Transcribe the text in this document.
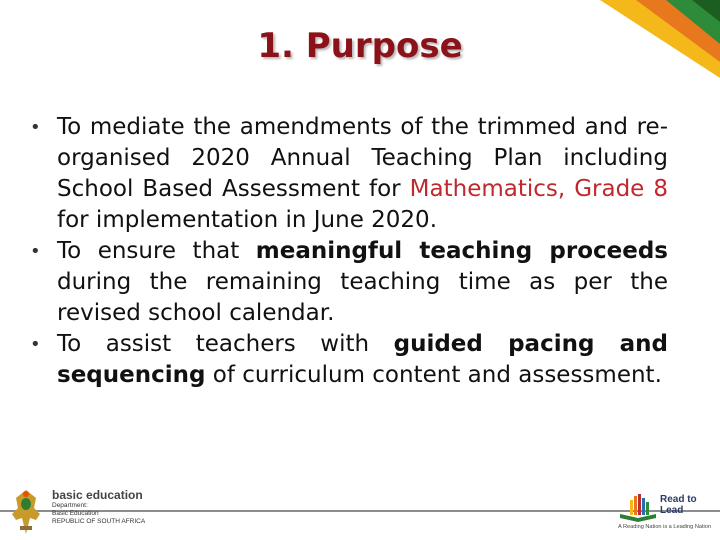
1. Purpose
• To mediate the amendments of the trimmed and re-organised 2020 Annual Teaching Plan including School Based Assessment for Mathematics, Grade 8 for implementation in June 2020.
• To ensure that meaningful teaching proceeds during the remaining teaching time as per the revised school calendar.
• To assist teachers with guided pacing and sequencing of curriculum content and assessment.
basic education
Department:
Basic Education
REPUBLIC OF SOUTH AFRICA
Read to Lead
A Reading Nation is a Leading Nation
